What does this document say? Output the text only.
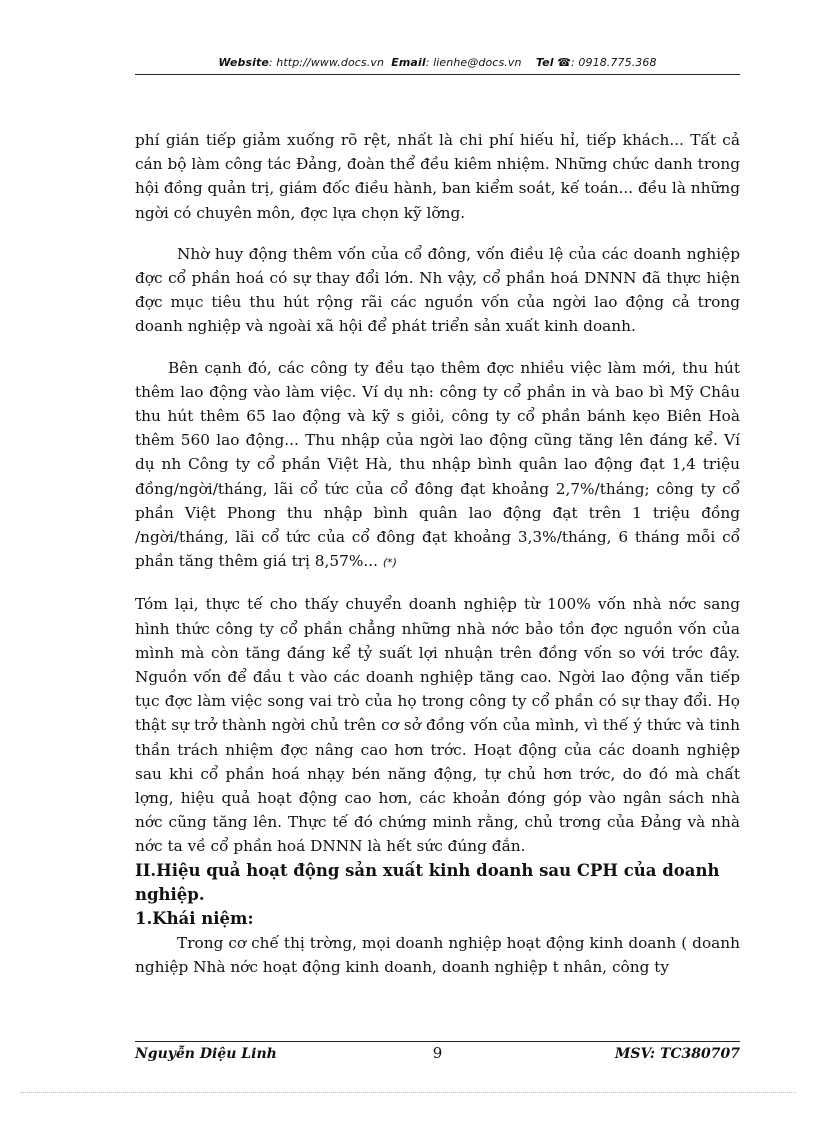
Website: http://www.docs.vn Email: lienhe@docs.vn Tel ☎: 0918.775.368

phí gián tiếp giảm xuống rõ rệt, nhất là chi phí hiếu hỉ, tiếp khách... Tất cả cán bộ làm công tác Đảng, đoàn thể đều kiêm nhiệm. Những chức danh trong hội đồng quản trị, giám đốc điều hành, ban kiểm soát, kế toán... đều là những ngời có chuyên môn, đợc lựa chọn kỹ lỡng.

Nhờ huy động thêm vốn của cổ đông, vốn điều lệ của các doanh nghiệp đợc cổ phần hoá có sự thay đổi lớn. Nh vậy, cổ phần hoá DNNN đã thực hiện đợc mục tiêu thu hút rộng rãi các nguồn vốn của ngời lao động cả trong doanh nghiệp và ngoài xã hội để phát triển sản xuất kinh doanh.

Bên cạnh đó, các công ty đều tạo thêm đợc nhiều việc làm mới, thu hút thêm lao động vào làm việc. Ví dụ nh: công ty cổ phần in và bao bì Mỹ Châu thu hút thêm 65 lao động và kỹ s giỏi, công ty cổ phần bánh kẹo Biên Hoà thêm 560 lao động... Thu nhập của ngời lao động cũng tăng lên đáng kể. Ví dụ nh Công ty cổ phần Việt Hà, thu nhập bình quân lao động đạt 1,4 triệu đồng/ngời/tháng, lãi cổ tức của cổ đông đạt khoảng 2,7%/tháng; công ty cổ phần Việt Phong thu nhập bình quân lao động đạt trên 1 triệu đồng /ngời/tháng, lãi cổ tức của cổ đông đạt khoảng 3,3%/tháng, 6 tháng mỗi cổ phần tăng thêm giá trị 8,57%... (*)

Tóm lại, thực tế cho thấy chuyển doanh nghiệp từ 100% vốn nhà nớc sang hình thức công ty cổ phần chẳng những nhà nớc bảo tồn đợc nguồn vốn của mình mà còn tăng đáng kể tỷ suất lợi nhuận trên đồng vốn so với trớc đây. Nguồn vốn để đầu t vào các doanh nghiệp tăng cao. Ngời lao động vẫn tiếp tục đợc làm việc song vai trò của họ trong công ty cổ phần có sự thay đổi. Họ thật sự trở thành ngời chủ trên cơ sở đồng vốn của mình, vì thế ý thức và tinh thần trách nhiệm đợc nâng cao hơn trớc. Hoạt động của các doanh nghiệp sau khi cổ phần hoá nhạy bén năng động, tự chủ hơn trớc, do đó mà chất lợng, hiệu quả hoạt động cao hơn, các khoản đóng góp vào ngân sách nhà nớc cũng tăng lên. Thực tế đó chứng minh rằng, chủ trơng của Đảng và nhà nớc ta về cổ phần hoá DNNN là hết sức đúng đắn.

II.Hiệu quả hoạt động sản xuất kinh doanh sau CPH của doanh nghiệp.

1.Khái niệm:

Trong cơ chế thị trờng, mọi doanh nghiệp hoạt động kinh doanh ( doanh nghiệp Nhà nớc hoạt động kinh doanh, doanh nghiệp t nhân, công ty

Nguyễn Diệu Linh	9	MSV: TC380707
